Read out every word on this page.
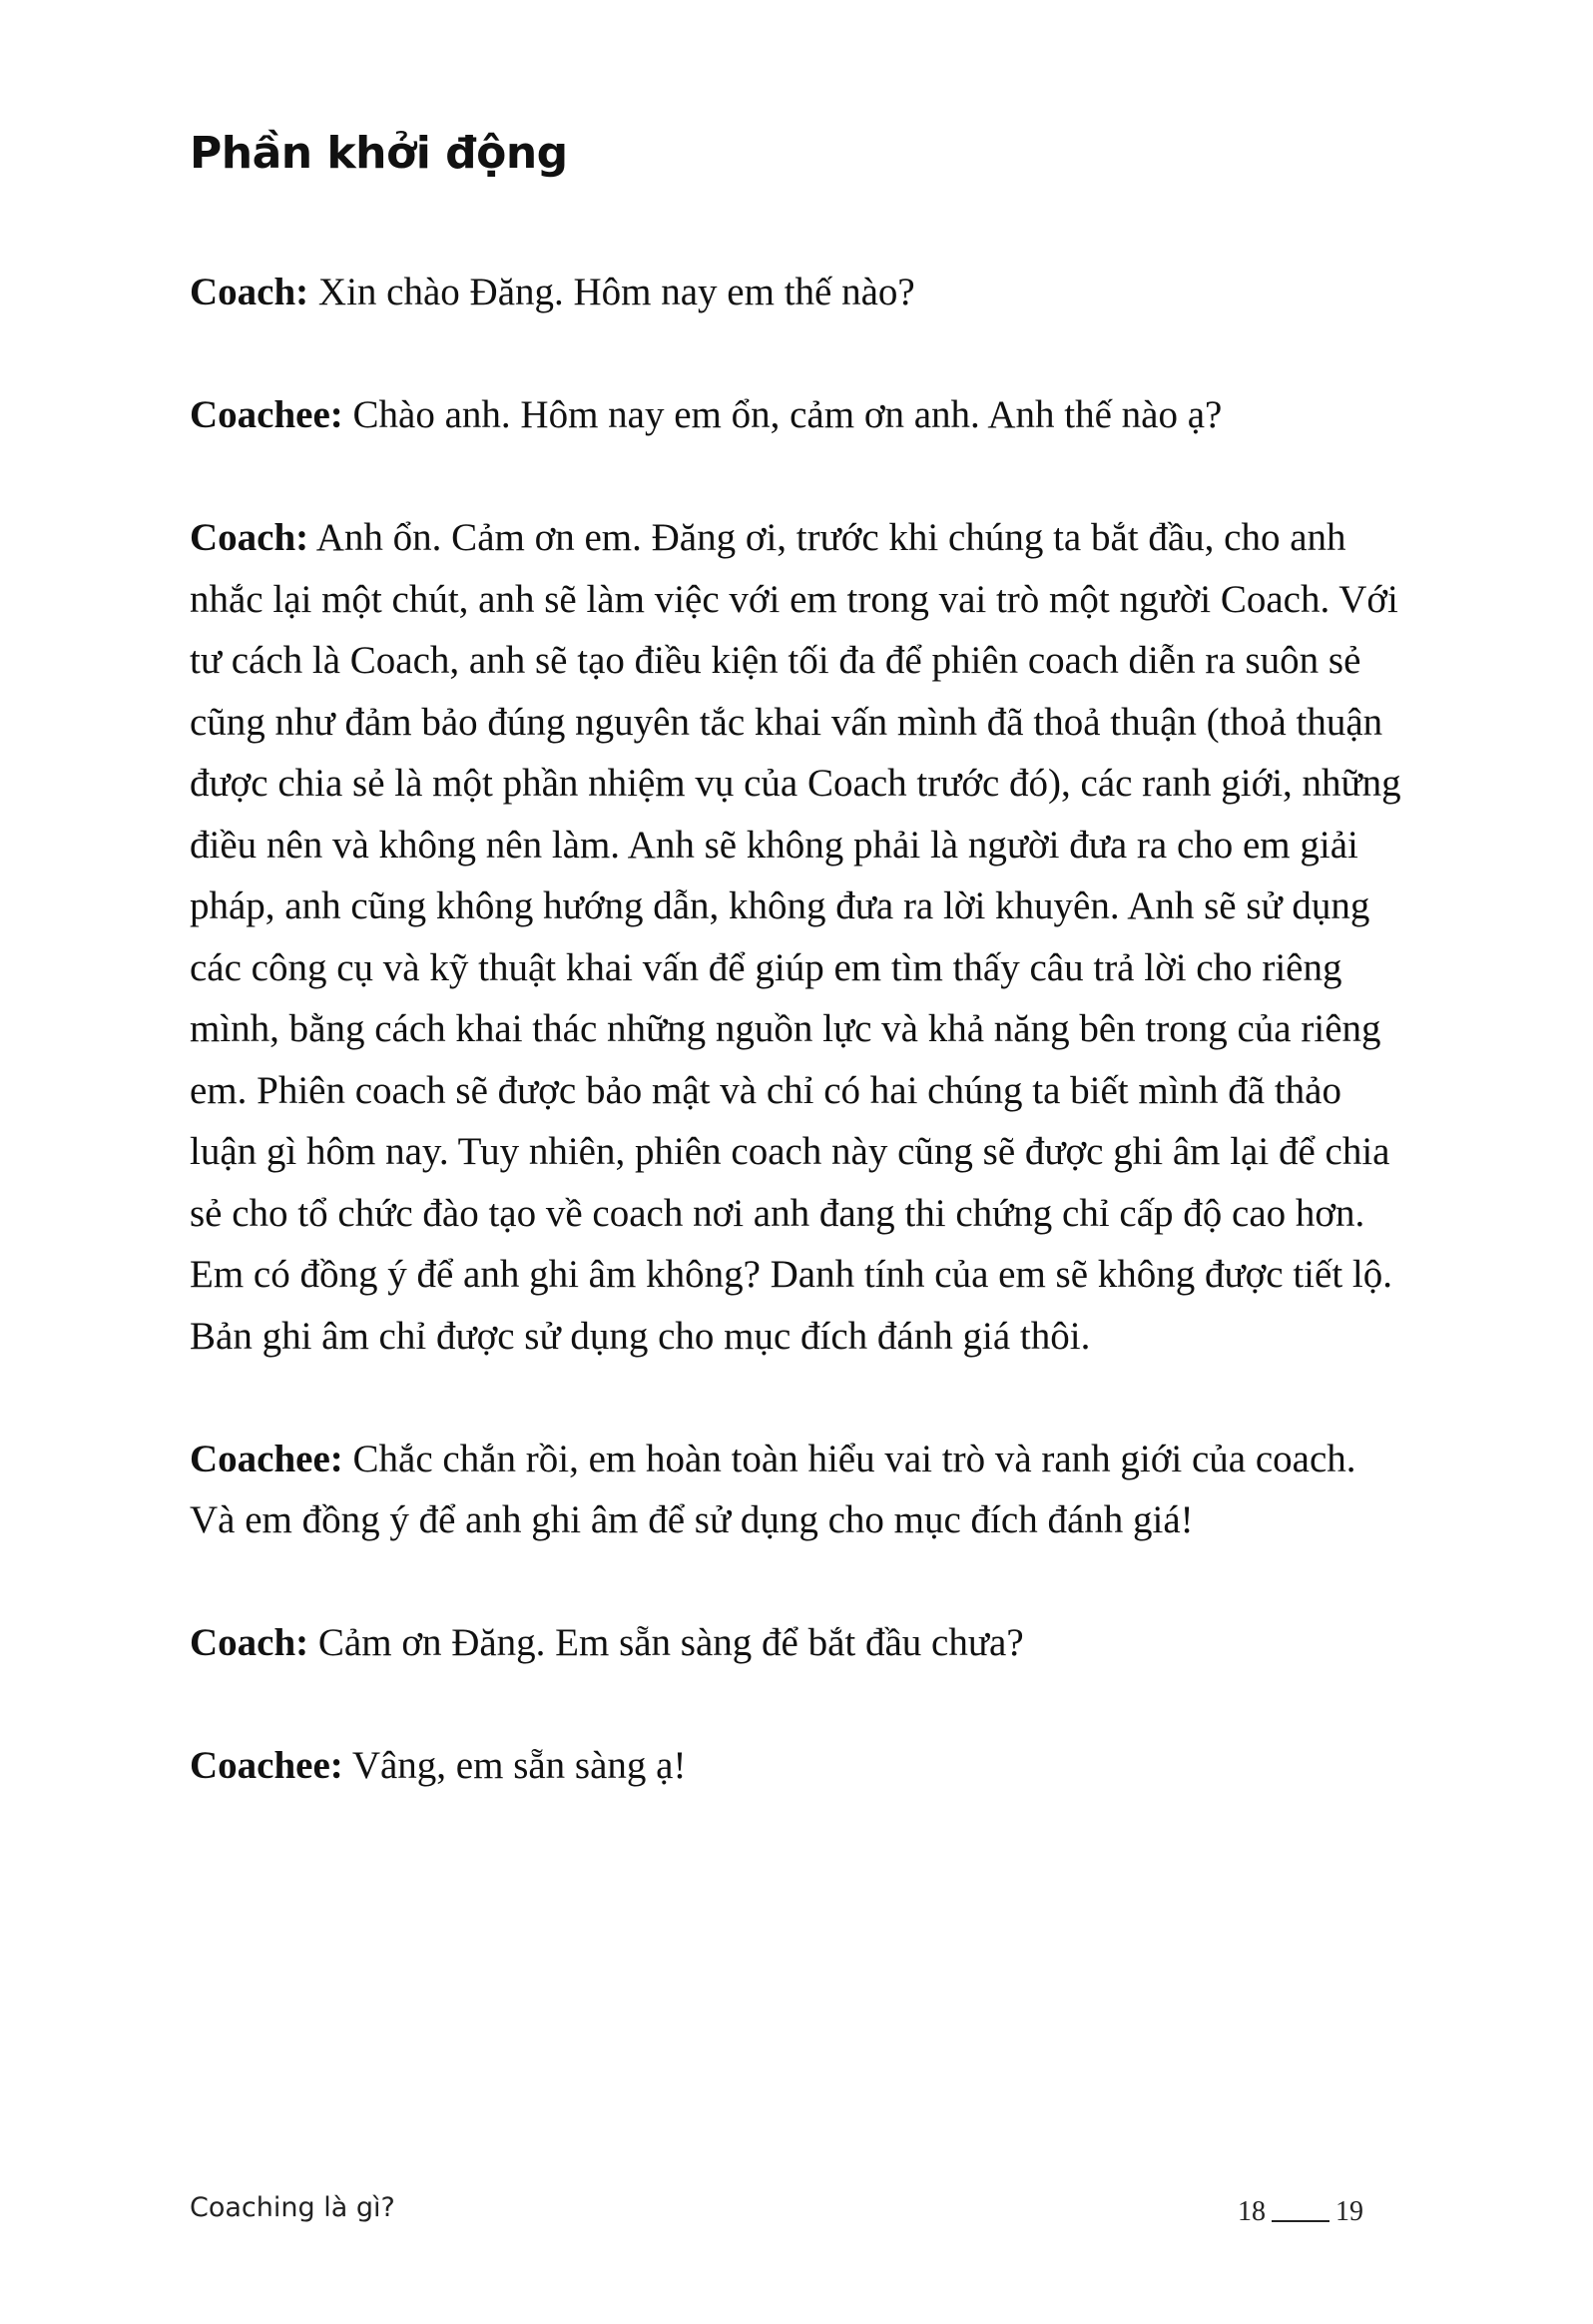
Phần khởi động

Coach: Xin chào Đăng. Hôm nay em thế nào?

Coachee: Chào anh. Hôm nay em ổn, cảm ơn anh. Anh thế nào ạ?

Coach: Anh ổn. Cảm ơn em. Đăng ơi, trước khi chúng ta bắt đầu, cho anh nhắc lại một chút, anh sẽ làm việc với em trong vai trò một người Coach. Với tư cách là Coach, anh sẽ tạo điều kiện tối đa để phiên coach diễn ra suôn sẻ cũng như đảm bảo đúng nguyên tắc khai vấn mình đã thoả thuận (thoả thuận được chia sẻ là một phần nhiệm vụ của Coach trước đó), các ranh giới, những điều nên và không nên làm. Anh sẽ không phải là người đưa ra cho em giải pháp, anh cũng không hướng dẫn, không đưa ra lời khuyên. Anh sẽ sử dụng các công cụ và kỹ thuật khai vấn để giúp em tìm thấy câu trả lời cho riêng mình, bằng cách khai thác những nguồn lực và khả năng bên trong của riêng em. Phiên coach sẽ được bảo mật và chỉ có hai chúng ta biết mình đã thảo luận gì hôm nay. Tuy nhiên, phiên coach này cũng sẽ được ghi âm lại để chia sẻ cho tổ chức đào tạo về coach nơi anh đang thi chứng chỉ cấp độ cao hơn. Em có đồng ý để anh ghi âm không? Danh tính của em sẽ không được tiết lộ. Bản ghi âm chỉ được sử dụng cho mục đích đánh giá thôi.

Coachee: Chắc chắn rồi, em hoàn toàn hiểu vai trò và ranh giới của coach. Và em đồng ý để anh ghi âm để sử dụng cho mục đích đánh giá!

Coach: Cảm ơn Đăng. Em sẵn sàng để bắt đầu chưa?

Coachee: Vâng, em sẵn sàng ạ!

Coaching là gì?	18	19
